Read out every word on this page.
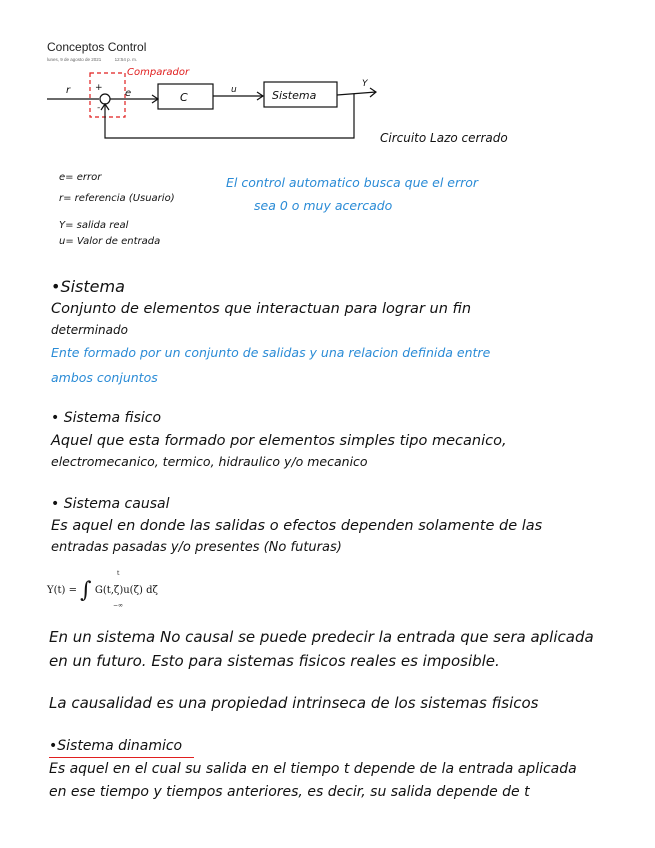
Conceptos Control
lunes, 9 de agosto de 2021	12:54 p. m.
Comparador
r	+
-
e	C
u	Sistema
Y
Circuito Lazo cerrado
e= error
r= referencia (Usuario)
Y= salida real
u= Valor de entrada
El control automatico busca que el error
sea 0 o muy acercado
•Sistema
Conjunto de elementos que interactuan para lograr un fin
determinado
Ente formado por un conjunto de salidas y una relacion definida entre
ambos conjuntos
• Sistema fisico
Aquel que esta formado por elementos simples tipo mecanico,
electromecanico, termico, hidraulico y/o mecanico
• Sistema causal
Es aquel en donde las salidas o efectos dependen solamente de las
entradas pasadas y/o presentes (No futuras)
Y(t) = ∫
t
−∞
G(t,ζ)u(ζ) dζ
En un sistema No causal se puede predecir la entrada que sera aplicada
en un futuro. Esto para sistemas fisicos reales es imposible.
La causalidad es una propiedad intrinseca de los sistemas fisicos
•Sistema dinamico
Es aquel en el cual su salida en el tiempo t depende de la entrada aplicada
en ese tiempo y tiempos anteriores, es decir, su salida depende de t
